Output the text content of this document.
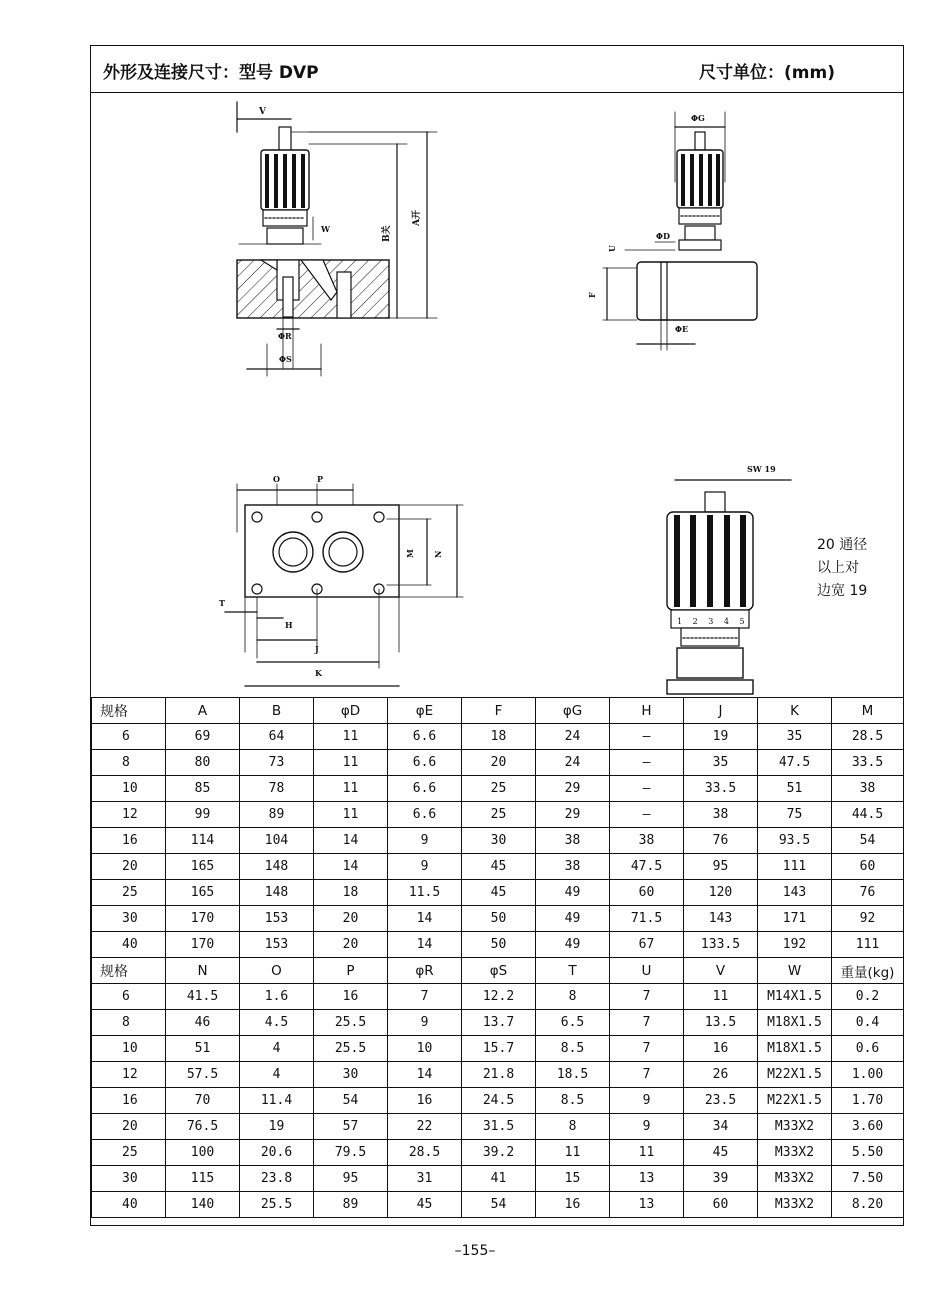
外形及连接尺寸：型号 DVP	尺寸单位：(mm)
V
W	B关
A开
ΦR
ΦS
ΦG
ΦD
U
F
ΦE
O	P
M N
T
H
J
K
SW 19
1 2 3 4 5
20 通径
以上对
边宽 19
规格	A	B	φD	φE	F	φG	H	J	K	M
6	69	64	11	6.6	18	24	—	19	35	28.5
8	80	73	11	6.6	20	24	—	35	47.5	33.5
10	85	78	11	6.6	25	29	—	33.5	51	38
12	99	89	11	6.6	25	29	—	38	75	44.5
16	114	104	14	9	30	38	38	76	93.5	54
20	165	148	14	9	45	38	47.5	95	111	60
25	165	148	18	11.5	45	49	60	120	143	76
30	170	153	20	14	50	49	71.5	143	171	92
40	170	153	20	14	50	49	67	133.5	192	111
规格	N	O	P	φR	φS	T	U	V	W	重量(kg)
6	41.5	1.6	16	7	12.2	8	7	11	M14X1.5	0.2
8	46	4.5	25.5	9	13.7	6.5	7	13.5	M18X1.5	0.4
10	51	4	25.5	10	15.7	8.5	7	16	M18X1.5	0.6
12	57.5	4	30	14	21.8	18.5	7	26	M22X1.5	1.00
16	70	11.4	54	16	24.5	8.5	9	23.5	M22X1.5	1.70
20	76.5	19	57	22	31.5	8	9	34	M33X2	3.60
25	100	20.6	79.5	28.5	39.2	11	11	45	M33X2	5.50
30	115	23.8	95	31	41	15	13	39	M33X2	7.50
40	140	25.5	89	45	54	16	13	60	M33X2	8.20
–155–
